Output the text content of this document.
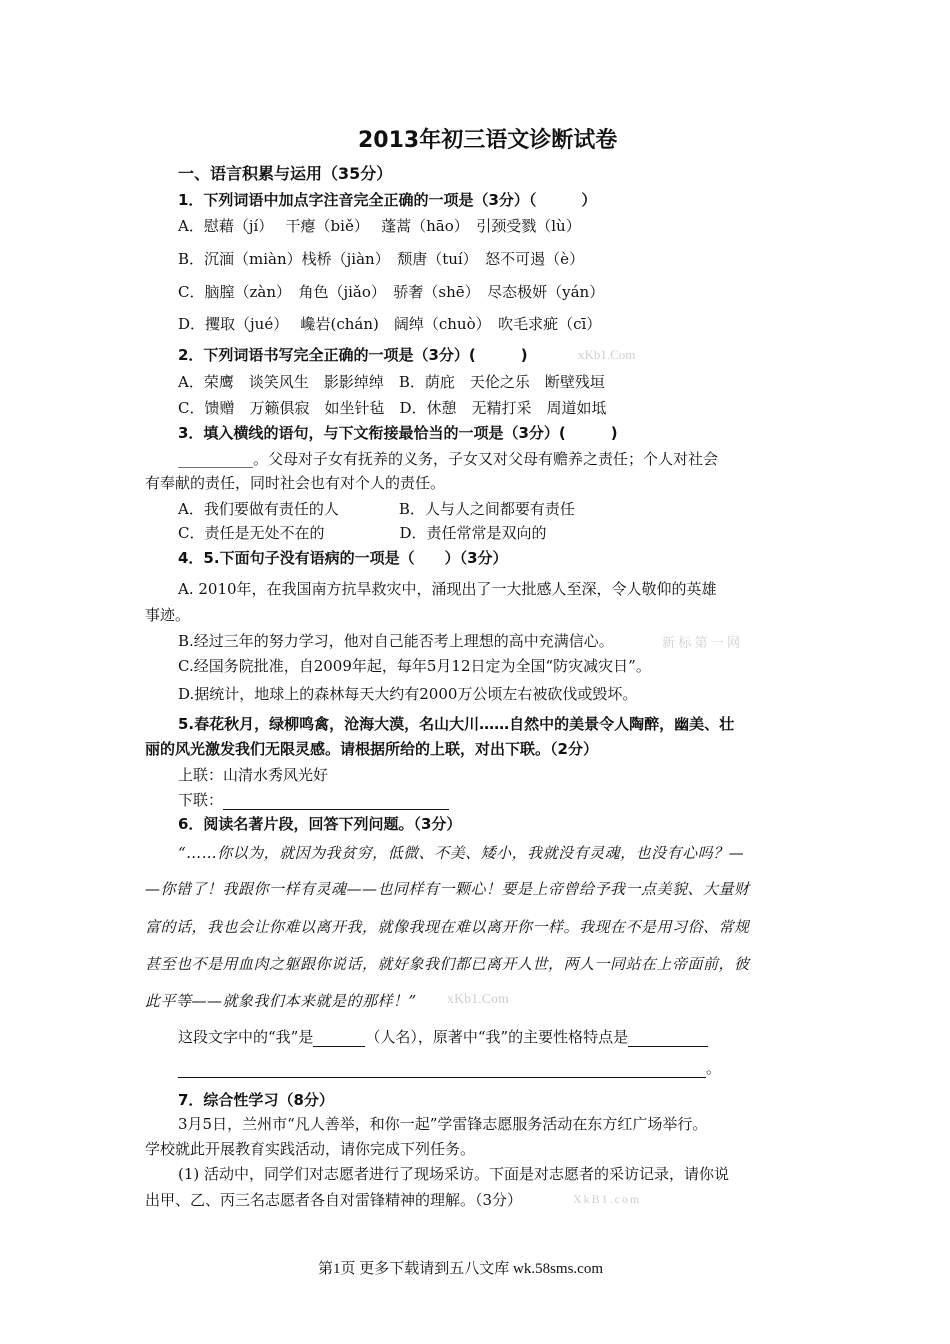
2013年初三语文诊断试卷
一、语言积累与运用（35分）
1．下列词语中加点字注音完全正确的一项是（3分）（　　　）
A．慰藉（jí）　 干瘪（biě）　 蓬蒿（hāo）　引颈受戮（lù）
B．沉湎（miàn）栈桥（jiàn）　颓唐（tuí）　怒不可遏（è）
C．脑膣（zàn）　角色（jiǎo）　骄奢（shē）　尽态极妍（yán）
D．攫取（jué）　 巉岩(chán)　阔绰（chuò）　吹毛求疵（cī）
2．下列词语书写完全正确的一项是（3分）(　　　)	xKb1.Com
A．荣鹰　谈笑风生　影影绰绰　B．荫庇　天伦之乐　断壁残垣
C．馈赠　万籁俱寂　如坐针毡　D．休憩　无精打采　周道如坻
3．填入横线的语句，与下文衔接最恰当的一项是（3分）(　　　)
__________。父母对子女有抚养的义务，子女又对父母有赡养之责任；个人对社会
有奉献的责任，同时社会也有对个人的责任。
A．我们要做有责任的人　　　　B．人与人之间都要有责任
C．责任是无处不在的　　　　　D．责任常常是双向的
4．5.下面句子没有语病的一项是（　　）（3分）
A. 2010年，在我国南方抗旱救灾中，涌现出了一大批感人至深，令人敬仰的英雄
事迹。
B.经过三年的努力学习，他对自己能否考上理想的高中充满信心。	新 标 第 一 网
C.经国务院批准，自2009年起，每年5月12日定为全国“防灾减灾日”。
D.据统计，地球上的森林每天大约有2000万公顷左右被砍伐或毁坏。
5.春花秋月，绿柳鸣禽，沧海大漠，名山大川……自然中的美景令人陶醉，幽美、壮
丽的风光激发我们无限灵感。请根据所给的上联，对出下联。（2分）
上联：山清水秀风光好
下联：
6．阅读名著片段，回答下列问题。（3分）
“……你以为，就因为我贫穷，低微、不美、矮小，我就没有灵魂，也没有心吗？—
—你错了！我跟你一样有灵魂——也同样有一颗心！要是上帝曾给予我一点美貌、大量财
富的话，我也会让你难以离开我，就像我现在难以离开你一样。我现在不是用习俗、常规
甚至也不是用血肉之躯跟你说话，就好象我们都已离开人世，两人一同站在上帝面前，彼
此平等——就象我们本来就是的那样！” xKb1.Com
这段文字中的“我”是	（人名），原著中“我”的主要性格特点是
。
7．综合性学习（8分）
3月5日，兰州市“凡人善举，和你一起”学雷锋志愿服务活动在东方红广场举行。
学校就此开展教育实践活动，请你完成下列任务。
(1) 活动中，同学们对志愿者进行了现场采访。下面是对志愿者的采访记录，请你说
出甲、乙、丙三名志愿者各自对雷锋精神的理解。（3分）	XkB1.com
第1页 更多下载请到五八文库 wk.58sms.com
